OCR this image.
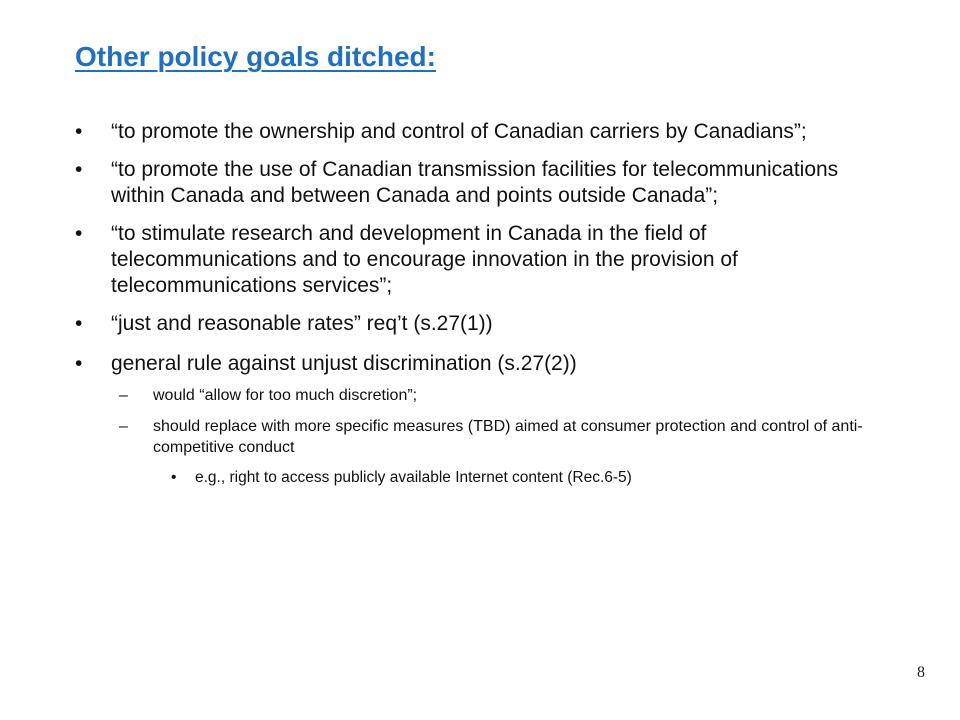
Other policy goals ditched:
• “to promote the ownership and control of Canadian carriers by Canadians”;
• “to promote the use of Canadian transmission facilities for telecommunications within Canada and between Canada and points outside Canada”;
• “to stimulate research and development in Canada in the field of telecommunications and to encourage innovation in the provision of telecommunications services”;
• “just and reasonable rates” req’t (s.27(1))
• general rule against unjust discrimination (s.27(2))
– would “allow for too much discretion”;
– should replace with more specific measures (TBD) aimed at consumer protection and control of anti-competitive conduct
• e.g., right to access publicly available Internet content (Rec.6-5)
8
